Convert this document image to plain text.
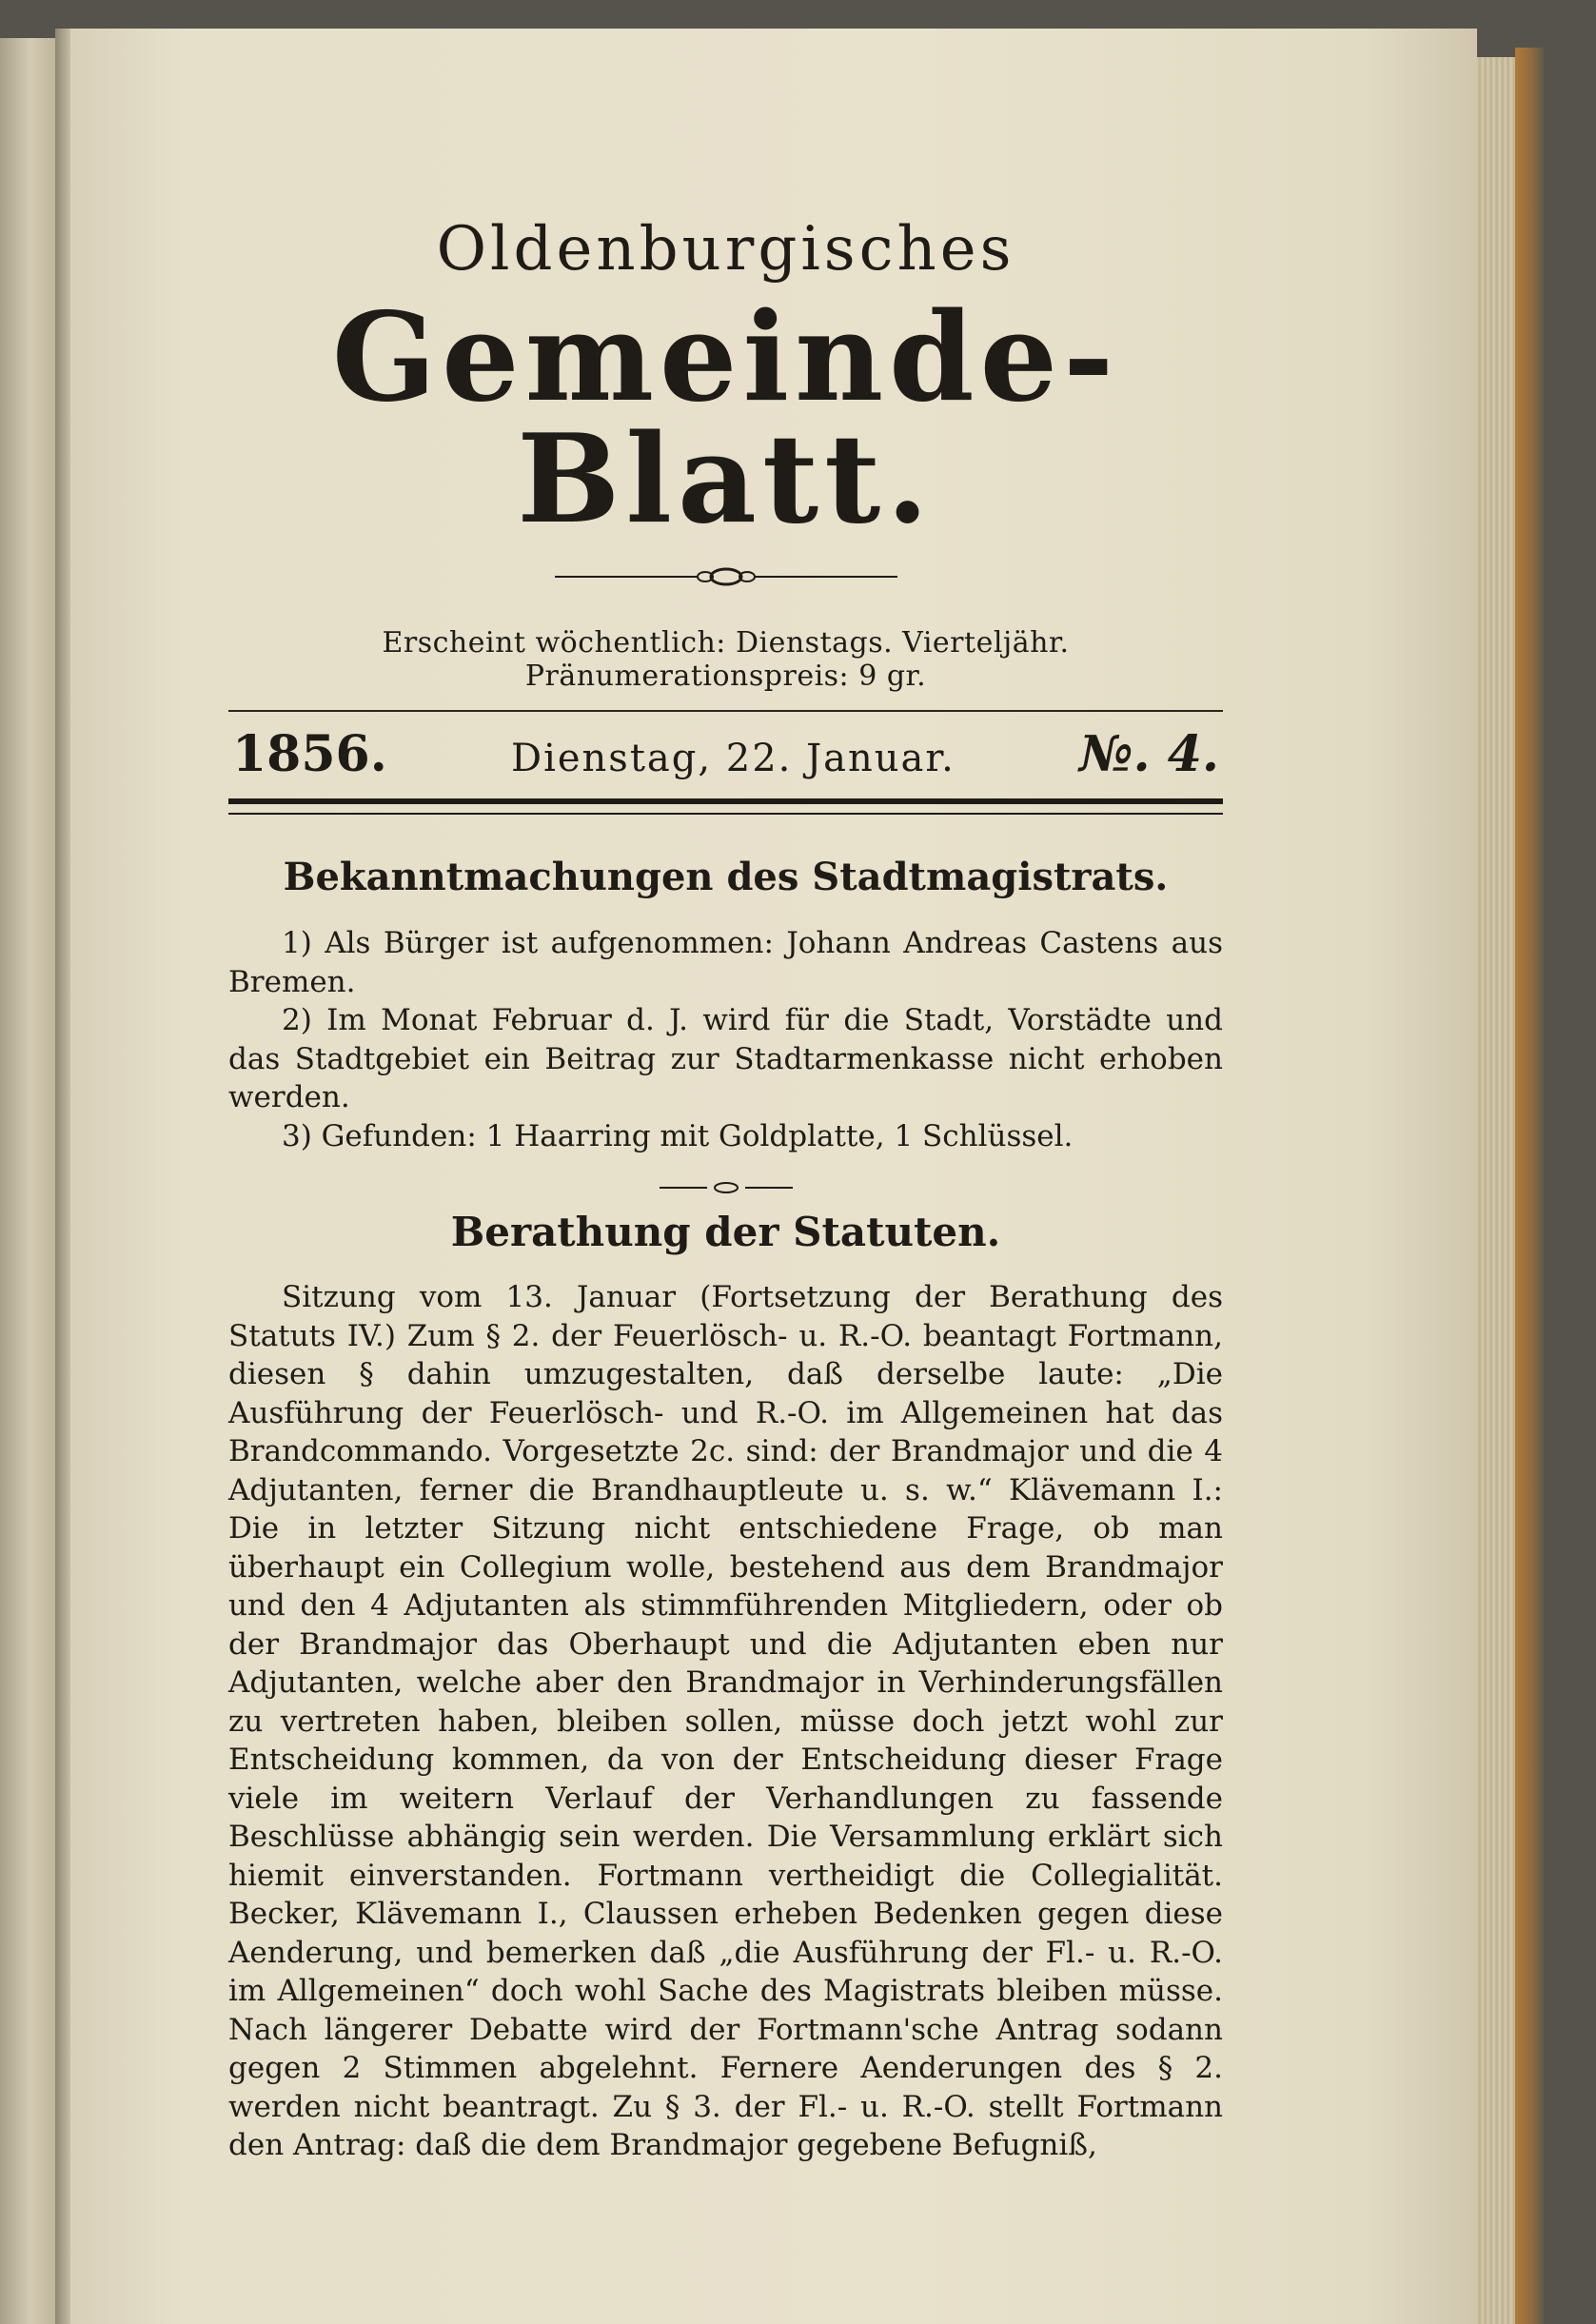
Oldenburgisches
Gemeinde-Blatt.
Erscheint wöchentlich: Dienstags. Vierteljähr. Pränumerationspreis: 9 gr.
1856.	Dienstag, 22. Januar.	№. 4.
Bekanntmachungen des Stadtmagistrats.

1) Als Bürger ist aufgenommen: Johann Andreas Castens aus Bremen.

2) Im Monat Februar d. J. wird für die Stadt, Vorstädte und das Stadtgebiet ein Beitrag zur Stadtarmenkasse nicht erhoben werden.

3) Gefunden: 1 Haarring mit Goldplatte, 1 Schlüssel.

Berathung der Statuten.

Sitzung vom 13. Januar (Fortsetzung der Berathung des Statuts IV.) Zum § 2. der Feuerlösch- u. R.-O. beantagt Fortmann, diesen § dahin umzugestalten, daß derselbe laute: „Die Ausführung der Feuerlösch- und R.-O. im Allgemeinen hat das Brandcommando. Vorgesetzte 2c. sind: der Brandmajor und die 4 Adjutanten, ferner die Brandhauptleute u. s. w.“ Klävemann I.: Die in letzter Sitzung nicht entschiedene Frage, ob man überhaupt ein Collegium wolle, bestehend aus dem Brandmajor und den 4 Adjutanten als stimmführenden Mitgliedern, oder ob der Brandmajor das Oberhaupt und die Adjutanten eben nur Adjutanten, welche aber den Brandmajor in Verhinderungsfällen zu vertreten haben, bleiben sollen, müsse doch jetzt wohl zur Entscheidung kommen, da von der Entscheidung dieser Frage viele im weitern Verlauf der Verhandlungen zu fassende Beschlüsse abhängig sein werden. Die Versammlung erklärt sich hiemit einverstanden. Fortmann vertheidigt die Collegialität. Becker, Klävemann I., Claussen erheben Bedenken gegen diese Aenderung, und bemerken daß „die Ausführung der Fl.- u. R.-O. im Allgemeinen“ doch wohl Sache des Magistrats bleiben müsse. Nach längerer Debatte wird der Fortmann'sche Antrag sodann gegen 2 Stimmen abgelehnt. Fernere Aenderungen des § 2. werden nicht beantragt. Zu § 3. der Fl.- u. R.-O. stellt Fortmann den Antrag: daß die dem Brandmajor gegebene Befugniß,
